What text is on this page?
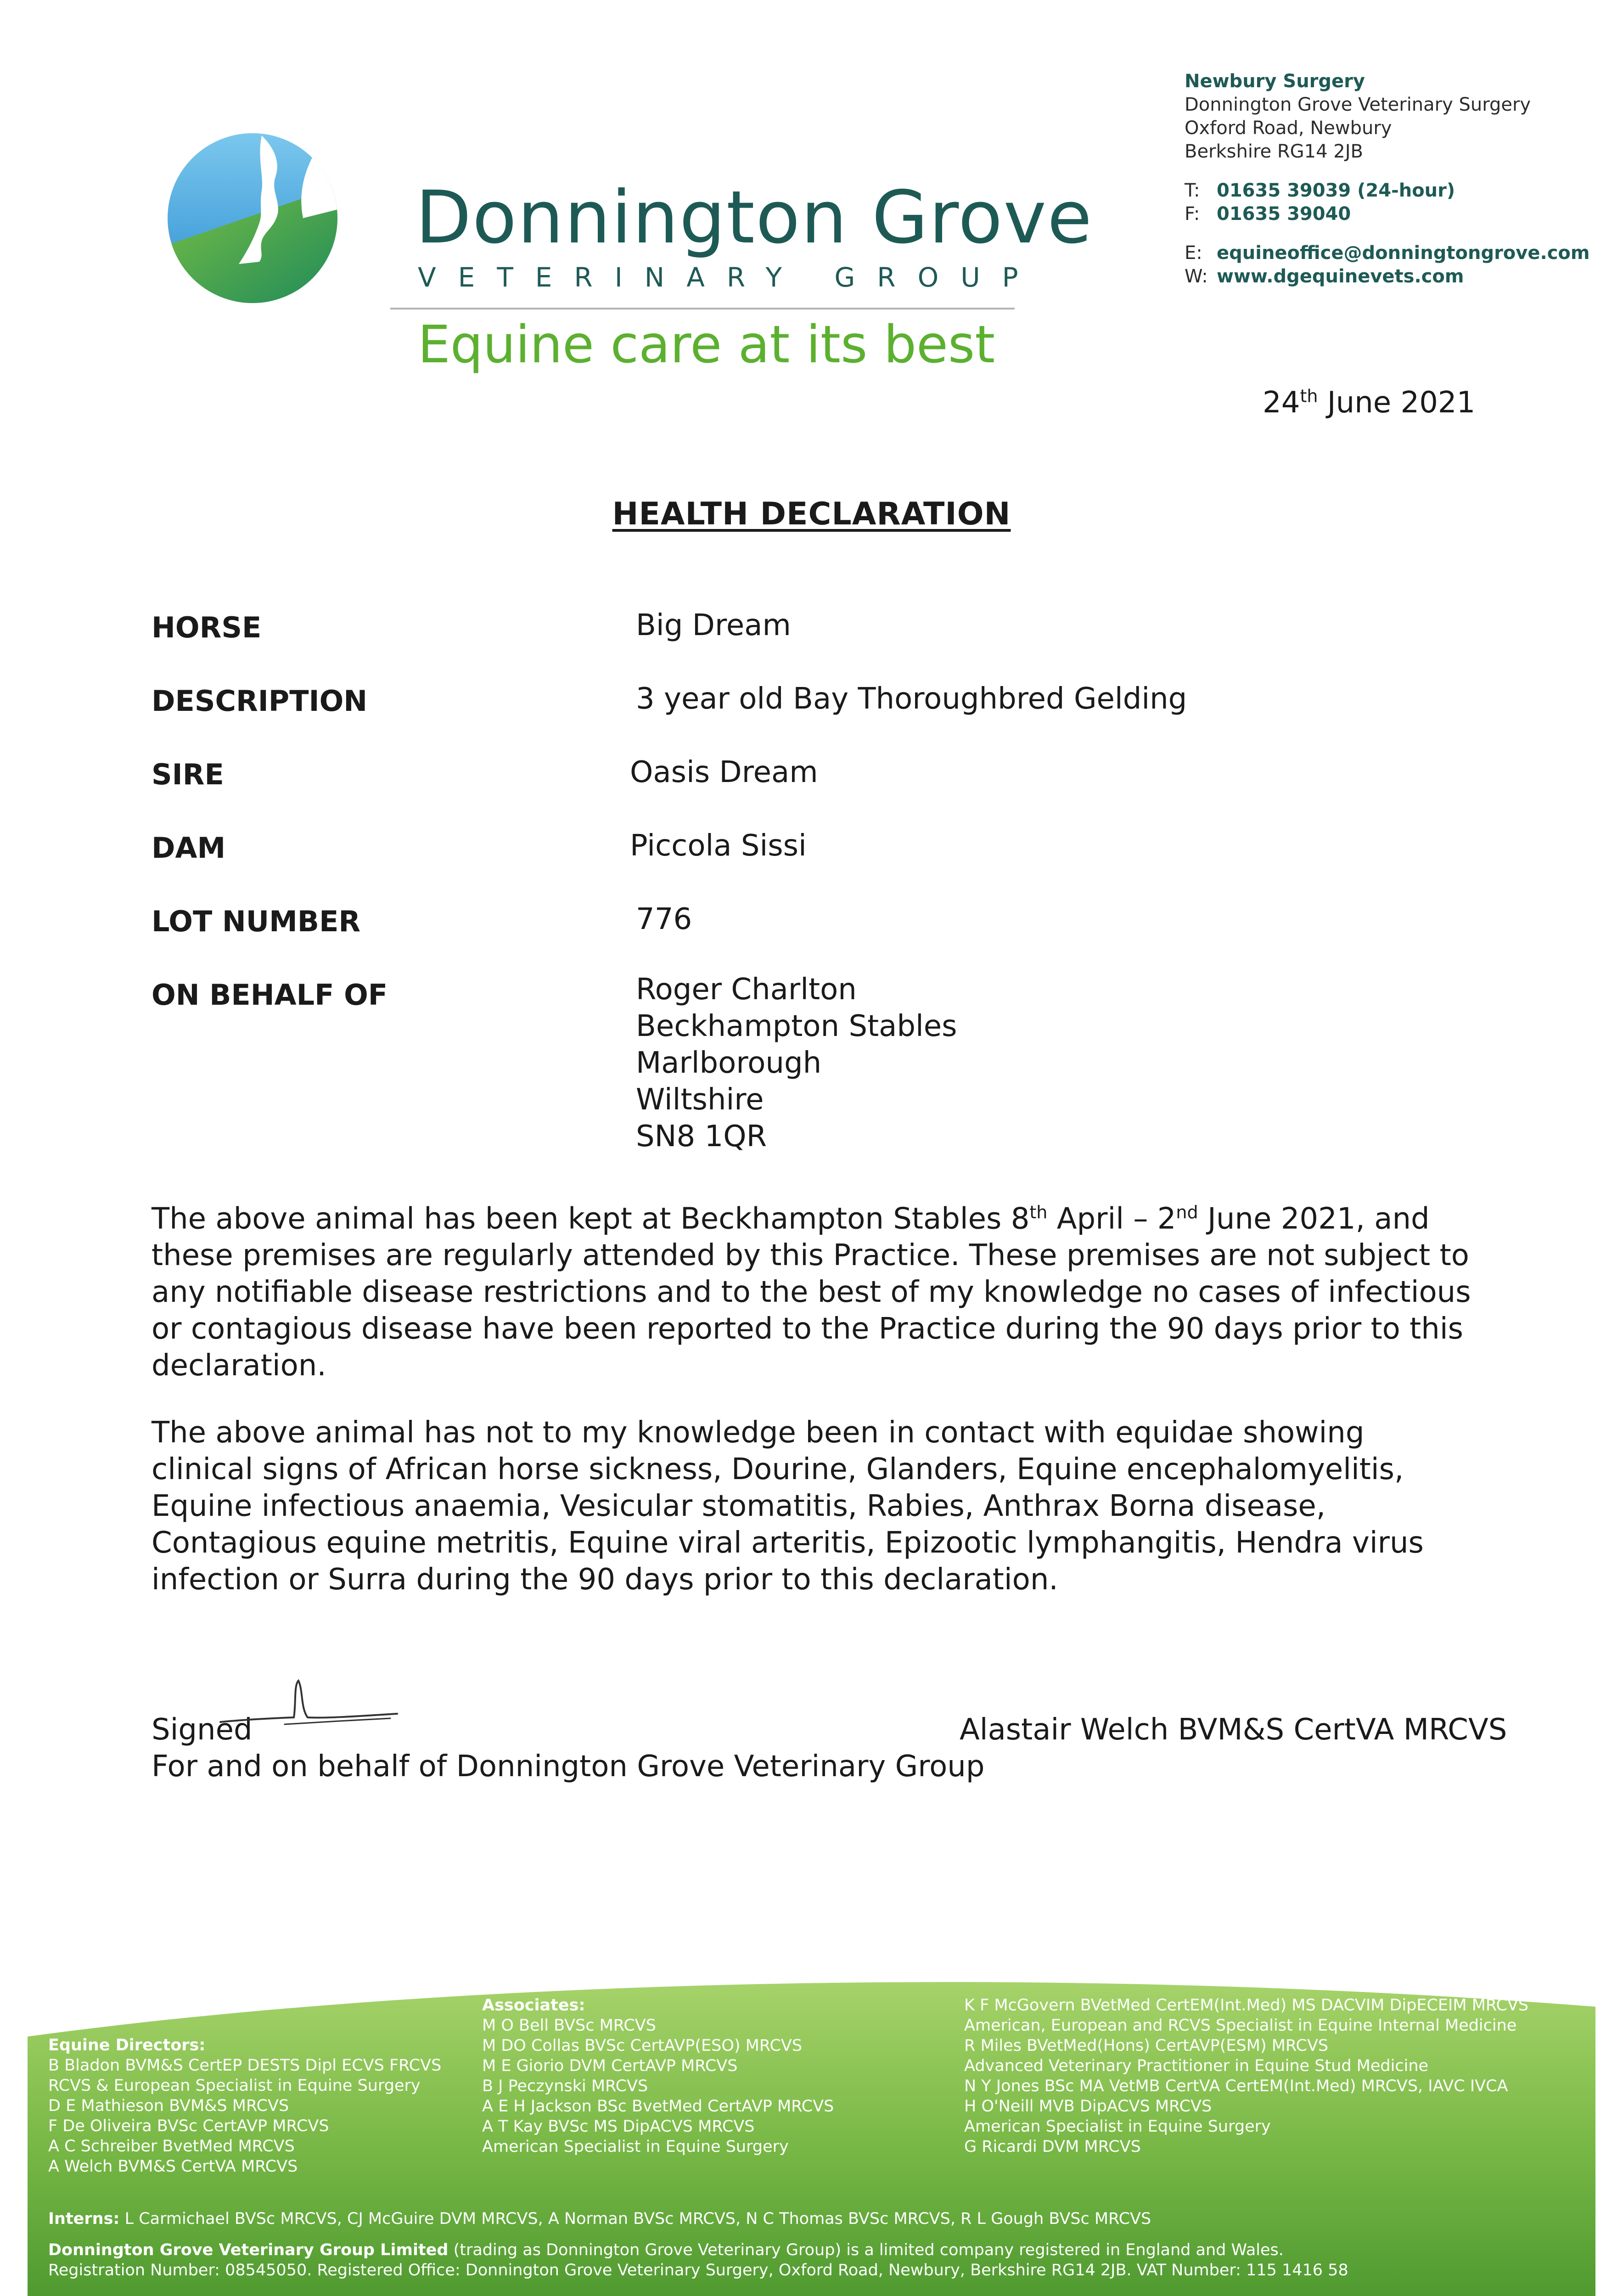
Donnington Grove
VETERINARY GROUP
Equine care at its best
Newbury Surgery
Donnington Grove Veterinary Surgery
Oxford Road, Newbury
Berkshire RG14 2JB
T: 01635 39039 (24-hour)
F: 01635 39040
E: equineoffice@donningtongrove.com
W: www.dgequinevets.com
24th June 2021
HEALTH DECLARATION
HORSE	Big Dream
DESCRIPTION	3 year old Bay Thoroughbred Gelding
SIRE	Oasis Dream
DAM	Piccola Sissi
LOT NUMBER	776
ON BEHALF OF	Roger Charlton
Beckhampton Stables
Marlborough
Wiltshire
SN8 1QR
The above animal has been kept at Beckhampton Stables 8th April – 2nd June 2021, and these premises are regularly attended by this Practice. These premises are not subject to any notifiable disease restrictions and to the best of my knowledge no cases of infectious or contagious disease have been reported to the Practice during the 90 days prior to this declaration.
The above animal has not to my knowledge been in contact with equidae showing clinical signs of African horse sickness, Dourine, Glanders, Equine encephalomyelitis, Equine infectious anaemia, Vesicular stomatitis, Rabies, Anthrax Borna disease, Contagious equine metritis, Equine viral arteritis, Epizootic lymphangitis, Hendra virus infection or Surra during the 90 days prior to this declaration.
Signed	Alastair Welch BVM&S CertVA MRCVS
For and on behalf of Donnington Grove Veterinary Group
Equine Directors:
B Bladon BVM&S CertEP DESTS Dipl ECVS FRCVS
RCVS & European Specialist in Equine Surgery
D E Mathieson BVM&S MRCVS
F De Oliveira BVSc CertAVP MRCVS
A C Schreiber BvetMed MRCVS
A Welch BVM&S CertVA MRCVS
Associates:
M O Bell BVSc MRCVS
M DO Collas BVSc CertAVP(ESO) MRCVS
M E Giorio DVM CertAVP MRCVS
B J Peczynski MRCVS
A E H Jackson BSc BvetMed CertAVP MRCVS
A T Kay BVSc MS DipACVS MRCVS
American Specialist in Equine Surgery
K F McGovern BVetMed CertEM(Int.Med) MS DACVIM DipECEIM MRCVS
American, European and RCVS Specialist in Equine Internal Medicine
R Miles BVetMed(Hons) CertAVP(ESM) MRCVS
Advanced Veterinary Practitioner in Equine Stud Medicine
N Y Jones BSc MA VetMB CertVA CertEM(Int.Med) MRCVS, IAVC IVCA
H O'Neill MVB DipACVS MRCVS
American Specialist in Equine Surgery
G Ricardi DVM MRCVS
Interns: L Carmichael BVSc MRCVS, CJ McGuire DVM MRCVS, A Norman BVSc MRCVS, N C Thomas BVSc MRCVS, R L Gough BVSc MRCVS
Donnington Grove Veterinary Group Limited (trading as Donnington Grove Veterinary Group) is a limited company registered in England and Wales.
Registration Number: 08545050. Registered Office: Donnington Grove Veterinary Surgery, Oxford Road, Newbury, Berkshire RG14 2JB. VAT Number: 115 1416 58
